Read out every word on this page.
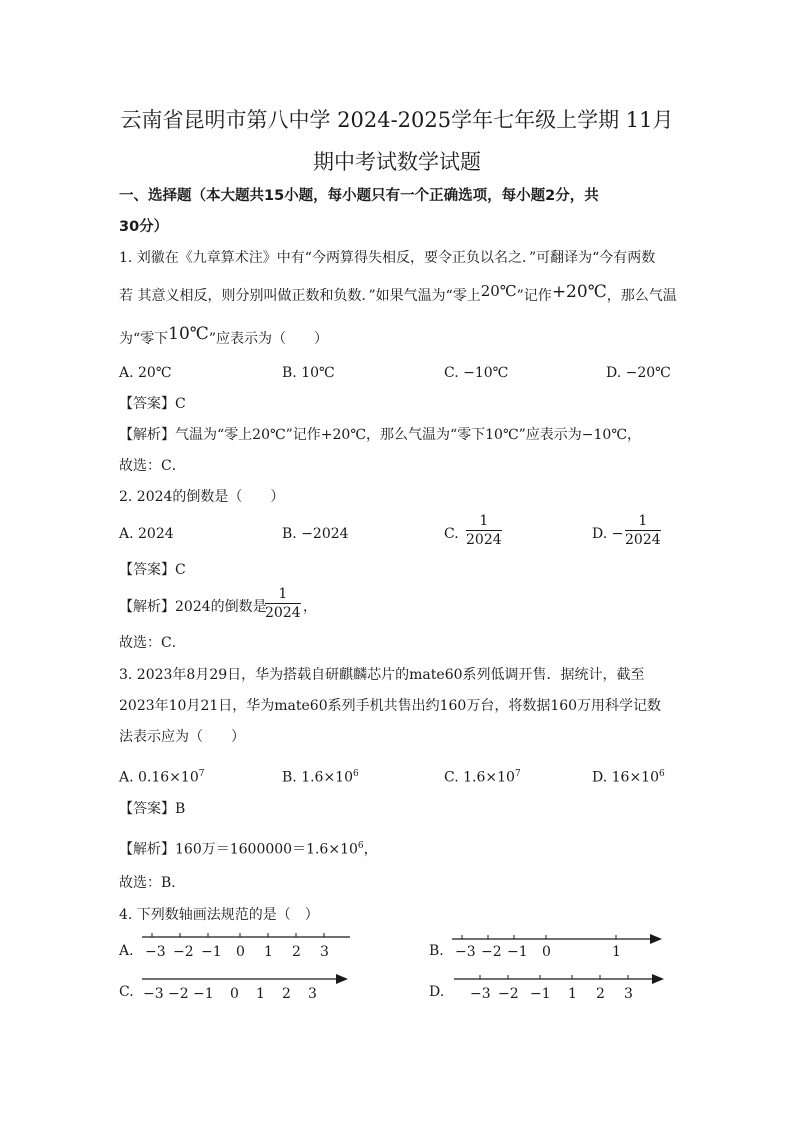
云南省昆明市第八中学 2024-2025学年七年级上学期 11月
期中考试数学试题
一、选择题（本大题共15小题，每小题只有一个正确选项，每小题2分，共
30分）
1. 刘徽在《九章算术注》中有“今两算得失相反，要令正负以名之．”可翻译为“今有两数
若 其意义相反，则分别叫做正数和负数．”如果气温为“零上20℃”记作+20℃，那么气温
为“零下10℃”应表示为（　　）
A. 20℃	B. 10℃	C. −10℃	D. −20℃
【答案】C
【解析】气温为“零上20℃”记作+20℃，那么气温为“零下10℃”应表示为−10℃，
故选：C．
2. 2024的倒数是（　　）
A. 2024	B. −2024	C. $\frac{1}{2024}$	D. − $\frac{1}{2024}$
【答案】C
【解析】2024的倒数是
$\frac{1}{2024}$ ，
故选：C．
3. 2023年8月29日，华为搭载自研麒麟芯片的mate60系列低调开售．据统计，截至
2023年10月21日，华为mate60系列手机共售出约160万台，将数据160万用科学记数
法表示应为（　　）
A. $0.16\times 10^7$	B. $1.6\times 10^6$	C. $1.6\times 10^7$	D. $16\times 10^6$
【答案】B
【解析】160万$=1600000=1.6\times 10^6$，
故选：B．
4. 下列数轴画法规范的是（　）
A. −3 −2 −1 0 1 2 3	B. −3 −2 −1 0	1
C. −3 −2 −1 0 1 2 3	D. −3 −2 −1 1 2 3
